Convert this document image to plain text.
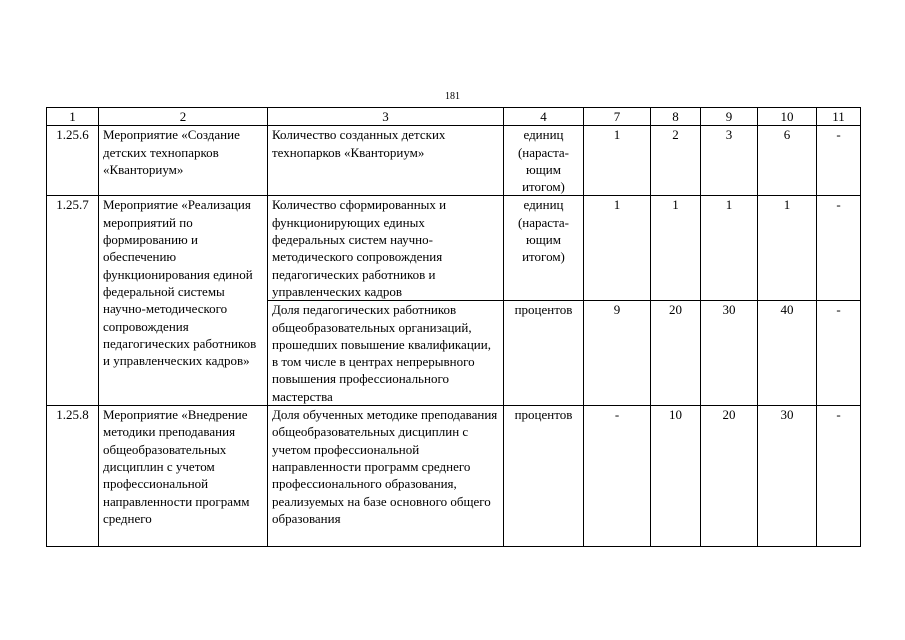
181
1	2	3	4	7	8	9	10	11
1.25.6	Мероприятие «Создание детских технопарков «Кванториум»	Количество созданных детских технопарков «Кванториум»	единиц (нараста-ющим итогом)	1	2	3	6	-
1.25.7	Мероприятие «Реализация мероприятий по формированию и обеспечению функционирования единой федеральной системы научно-методического сопровождения педагогических работников и управленческих кадров»	Количество сформированных и функционирующих единых федеральных систем научно-методического сопровождения педагогических работников и управленческих кадров	единиц (нараста-ющим итогом)	1	1	1	1	-
		Доля педагогических работников общеобразовательных организаций, прошедших повышение квалификации, в том числе в центрах непрерывного повышения профессионального мастерства	процентов	9	20	30	40	-
1.25.8	Мероприятие «Внедрение методики преподавания общеобразовательных дисциплин с учетом профессиональной направленности программ среднего	Доля обученных методике преподавания общеобразовательных дисциплин с учетом профессиональной направленности программ среднего профессионального образования, реализуемых на базе основного общего образования	процентов	-	10	20	30	-
